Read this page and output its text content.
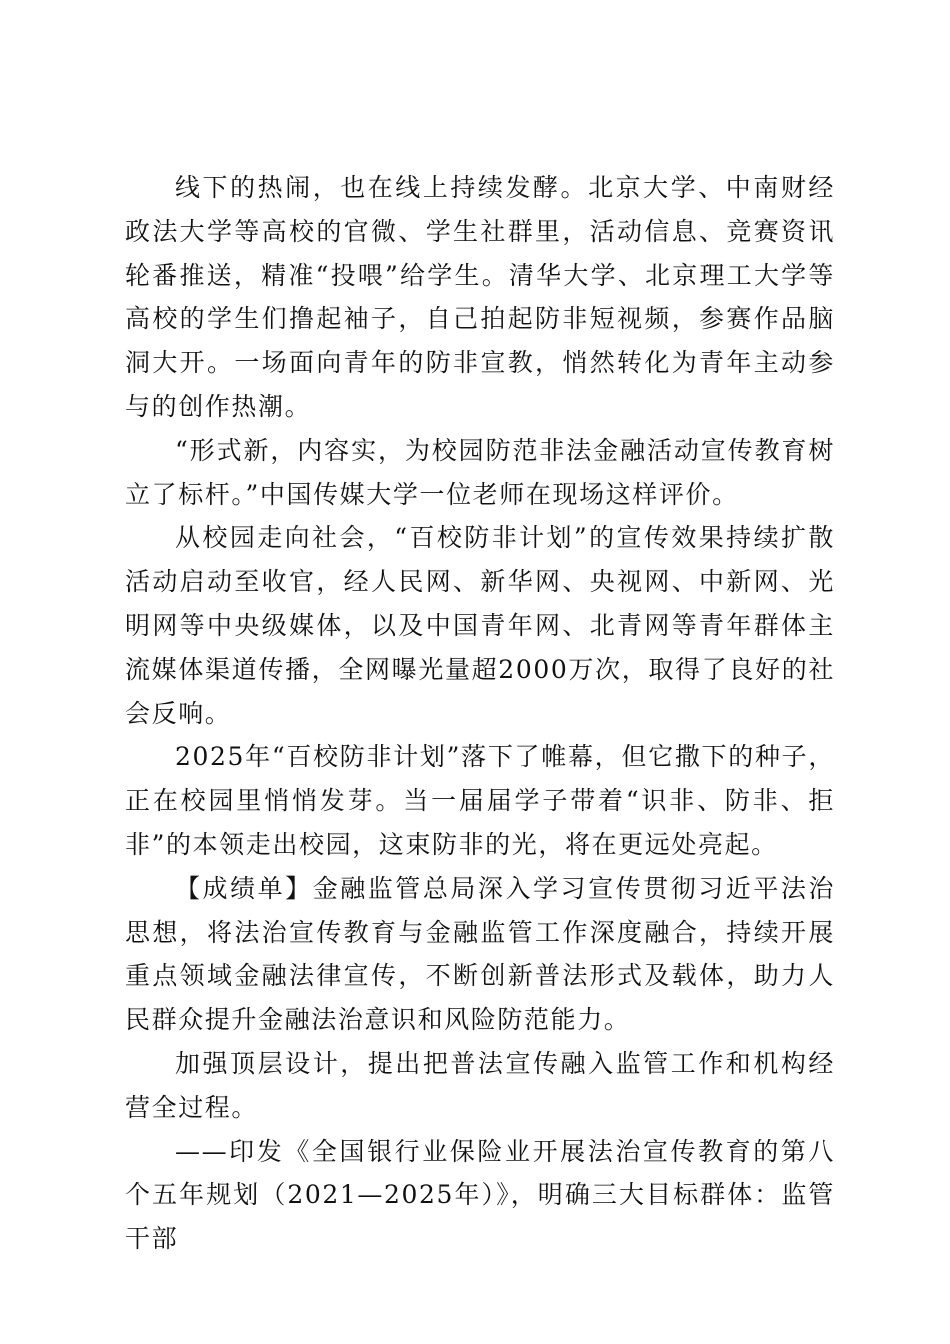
线下的热闹，也在线上持续发酵。北京大学、中南财经政法大学等高校的官微、学生社群里，活动信息、竞赛资讯轮番推送，精准“投喂”给学生。清华大学、北京理工大学等高校的学生们撸起袖子，自己拍起防非短视频，参赛作品脑洞大开。一场面向青年的防非宣教，悄然转化为青年主动参与的创作热潮。

“形式新，内容实，为校园防范非法金融活动宣传教育树立了标杆。”中国传媒大学一位老师在现场这样评价。

从校园走向社会，“百校防非计划”的宣传效果持续扩散活动启动至收官，经人民网、新华网、央视网、中新网、光明网等中央级媒体，以及中国青年网、北青网等青年群体主流媒体渠道传播，全网曝光量超2000万次，取得了良好的社会反响。

2025年“百校防非计划”落下了帷幕，但它撒下的种子，正在校园里悄悄发芽。当一届届学子带着“识非、防非、拒非”的本领走出校园，这束防非的光，将在更远处亮起。

【成绩单】金融监管总局深入学习宣传贯彻习近平法治思想，将法治宣传教育与金融监管工作深度融合，持续开展重点领域金融法律宣传，不断创新普法形式及载体，助力人民群众提升金融法治意识和风险防范能力。

加强顶层设计，提出把普法宣传融入监管工作和机构经营全过程。

——印发《全国银行业保险业开展法治宣传教育的第八个五年规划（2021—2025年）》，明确三大目标群体：监管干部
